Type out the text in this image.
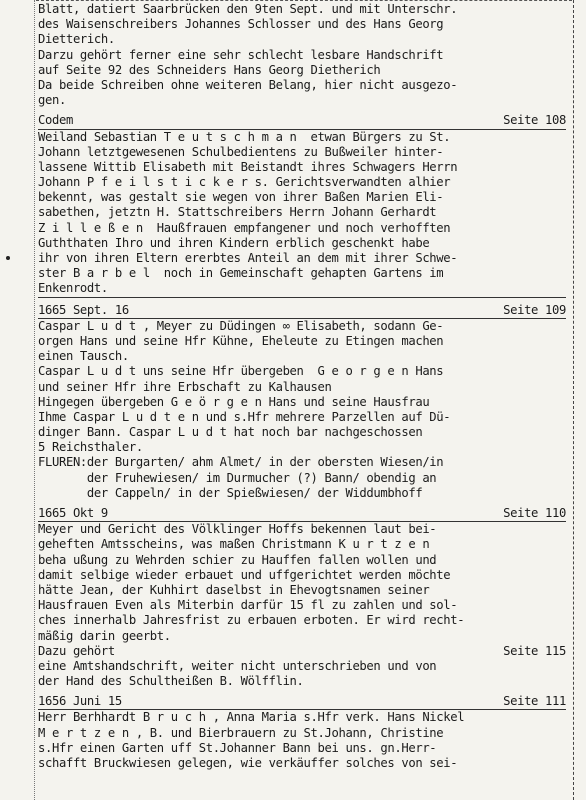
Blatt, datiert Saarbrücken den 9ten Sept. und mit Unterschr.
des Waisenschreibers Johannes Schlosser und des Hans Georg
Dietterich.
Darzu gehört ferner eine sehr schlecht lesbare Handschrift
auf Seite 92 des Schneiders Hans Georg Dietherich
Da beide Schreiben ohne weiteren Belang, hier nicht ausgezo-
gen.
Codem	Seite 108
Weiland Sebastian T e u t s c h m a n  etwan Bürgers zu St.
Johann letztgewesenen Schulbedientens zu Bußweiler hinter-
lassene Wittib Elisabeth mit Beistandt ihres Schwagers Herrn
Johann P f e i l s t i c k e r s. Gerichtsverwandten alhier
bekennt, was gestalt sie wegen von ihrer Baßen Marien Eli-
sabethen, jetztn H. Stattschreibers Herrn Johann Gerhardt
Z i l l e ß e n  Haußfrauen empfangener und noch verhofften
Guththaten Ihro und ihren Kindern erblich geschenkt habe
ihr von ihren Eltern ererbtes Anteil an dem mit ihrer Schwe-
ster B a r b e l  noch in Gemeinschaft gehapten Gartens im
Enkenrodt.
1665 Sept. 16	Seite 109
Caspar L u d t , Meyer zu Düdingen ∞ Elisabeth, sodann Ge-
orgen Hans und seine Hfr Kühne, Eheleute zu Etingen machen
einen Tausch.
Caspar L u d t uns seine Hfr übergeben  G e o r g e n Hans
und seiner Hfr ihre Erbschaft zu Kalhausen
Hingegen übergeben G e ö r g e n Hans und seine Hausfrau
Ihme Caspar L u d t e n und s.Hfr mehrere Parzellen auf Dü-
dinger Bann. Caspar L u d t hat noch bar nachgeschossen
5 Reichsthaler.
FLUREN:der Burgarten/ ahm Almet/ in der obersten Wiesen/in
der Fruhewiesen/ im Durmucher (?) Bann/ obendig an
der Cappeln/ in der Spießwiesen/ der Widdumbhoff
1665 Okt 9	Seite 110
Meyer und Gericht des Völklinger Hoffs bekennen laut bei-
geheften Amtsscheins, was maßen Christmann K u r t z e n
beha ußung zu Wehrden schier zu Hauffen fallen wollen und
damit selbige wieder erbauet und uffgerichtet werden möchte
hätte Jean, der Kuhhirt daselbst in Ehevogtsnamen seiner
Hausfrauen Even als Miterbin darfür 15 fl zu zahlen und sol-
ches innerhalb Jahresfrist zu erbauen erboten. Er wird recht-
mäßig darin geerbt.
Dazu gehört	Seite 115
eine Amtshandschrift, weiter nicht unterschrieben und von
der Hand des Schultheißen B. Wölfflin.
1656 Juni 15	Seite 111
Herr Berhhardt B r u c h , Anna Maria s.Hfr verk. Hans Nickel
M e r t z e n , B. und Bierbrauern zu St.Johann, Christine
s.Hfr einen Garten uff St.Johanner Bann bei uns. gn.Herr-
schafft Bruckwiesen gelegen, wie verkäuffer solches von sei-
